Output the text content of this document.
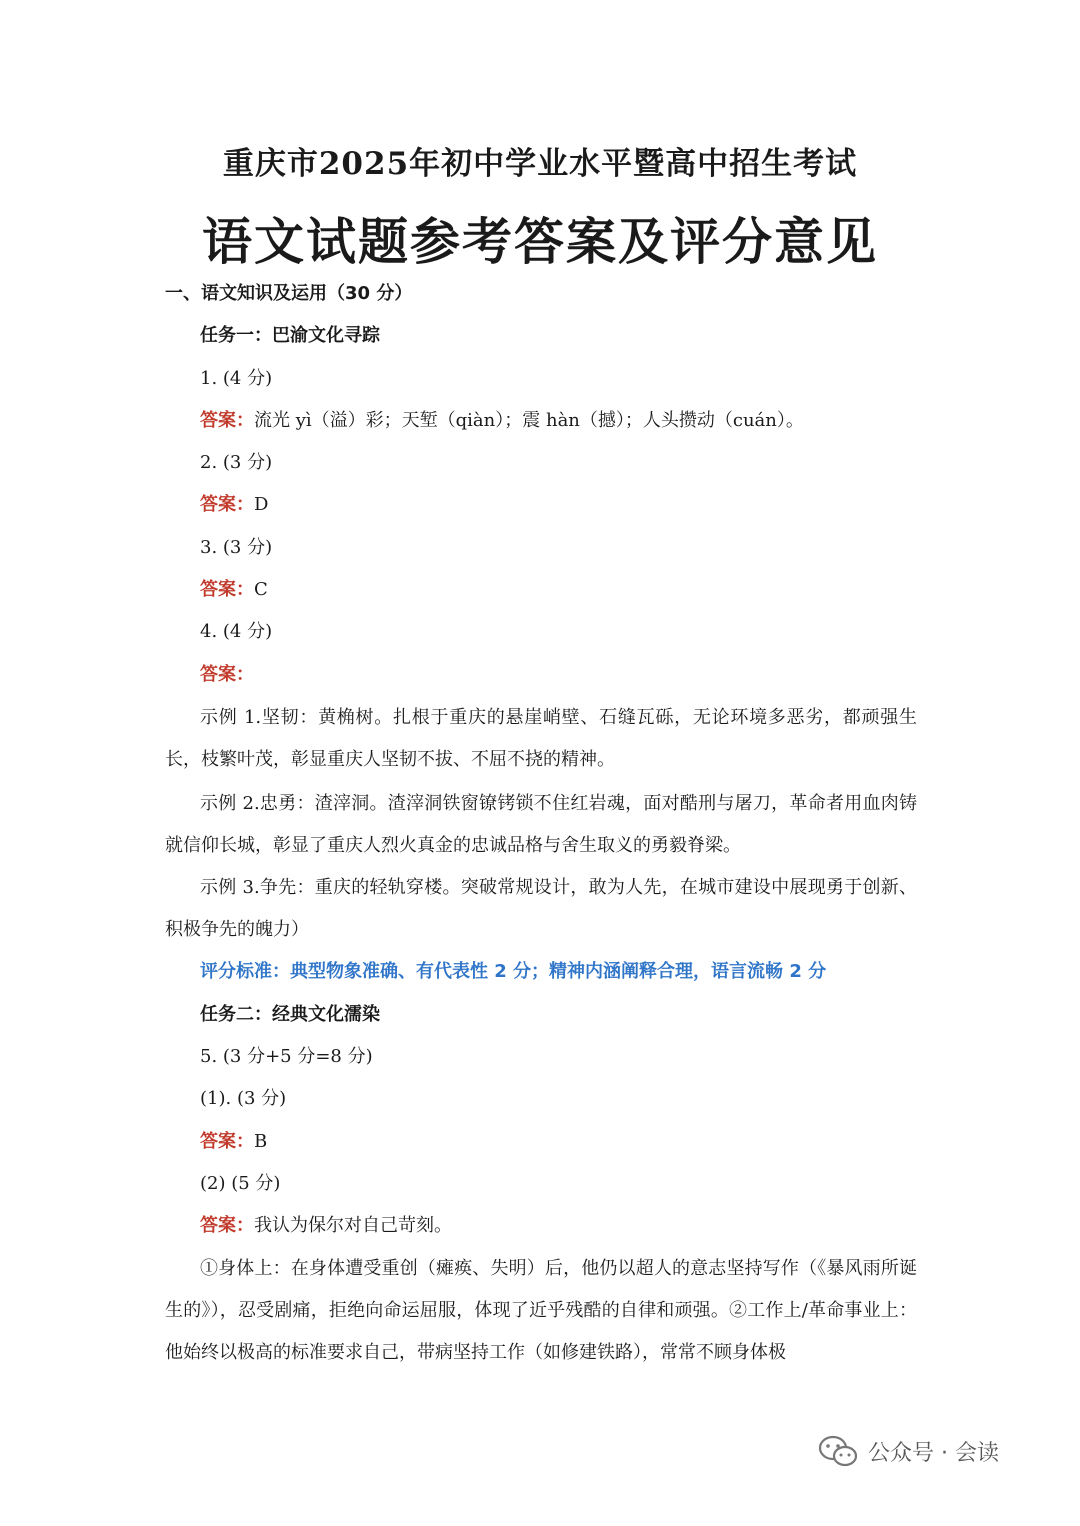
重庆市2025年初中学业水平暨高中招生考试
语文试题参考答案及评分意见
一、语文知识及运用（30 分）
任务一：巴渝文化寻踪
1. (4 分)
答案：流光 yì（溢）彩；天堑（qiàn）；震 hàn（撼）；人头攒动（cuán）。
2. (3 分)
答案：D
3. (3 分)
答案：C
4. (4 分)
答案：
示例 1.坚韧：黄桷树。扎根于重庆的悬崖峭壁、石缝瓦砾，无论环境多恶劣，都顽强生长，枝繁叶茂，彰显重庆人坚韧不拔、不屈不挠的精神。
示例 2.忠勇：渣滓洞。渣滓洞铁窗镣铐锁不住红岩魂，面对酷刑与屠刀，革命者用血肉铸就信仰长城，彰显了重庆人烈火真金的忠诚品格与舍生取义的勇毅脊梁。
示例 3.争先：重庆的轻轨穿楼。突破常规设计，敢为人先，在城市建设中展现勇于创新、积极争先的魄力）
评分标准：典型物象准确、有代表性 2 分；精神内涵阐释合理，语言流畅 2 分
任务二：经典文化濡染
5. (3 分+5 分=8 分)
(1). (3 分)
答案：B
(2) (5 分)
答案：我认为保尔对自己苛刻。
①身体上：在身体遭受重创（瘫痪、失明）后，他仍以超人的意志坚持写作（《暴风雨所诞生的》），忍受剧痛，拒绝向命运屈服，体现了近乎残酷的自律和顽强。②工作上/革命事业上：他始终以极高的标准要求自己，带病坚持工作（如修建铁路），常常不顾身体极
公众号 · 会读
